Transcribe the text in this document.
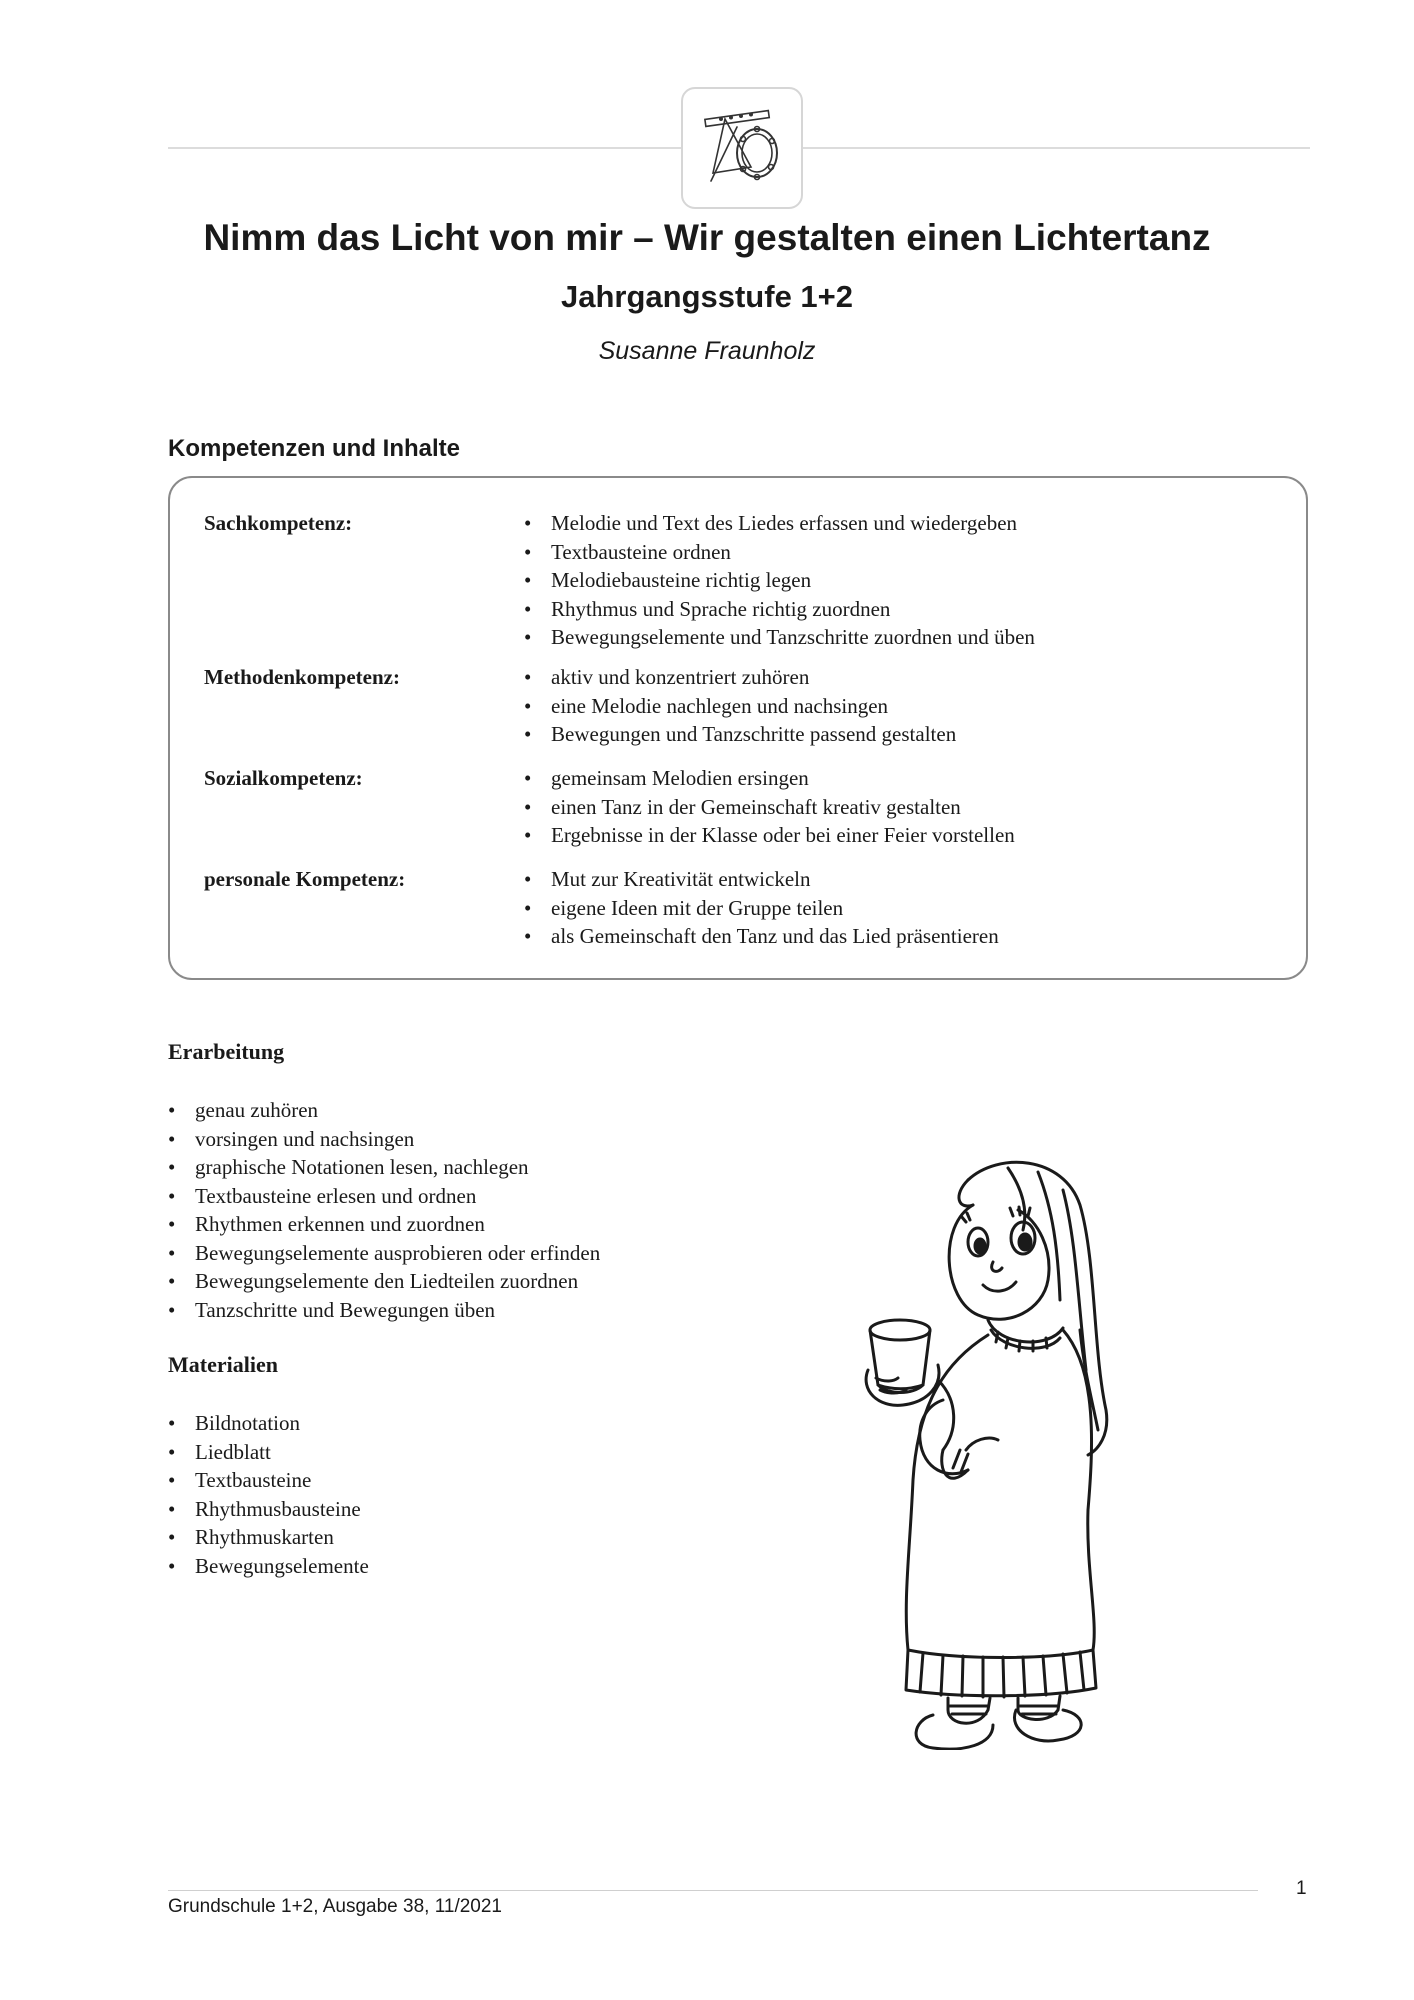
Nimm das Licht von mir – Wir gestalten einen Lichtertanz
Jahrgangsstufe 1+2
Susanne Fraunholz
Kompetenzen und Inhalte
Sachkompetenz:	• Melodie und Text des Liedes erfassen und wiedergeben
• Textbausteine ordnen
• Melodiebausteine richtig legen
• Rhythmus und Sprache richtig zuordnen
• Bewegungselemente und Tanzschritte zuordnen und üben
Methodenkompetenz:	• aktiv und konzentriert zuhören
• eine Melodie nachlegen und nachsingen
• Bewegungen und Tanzschritte passend gestalten
Sozialkompetenz:	• gemeinsam Melodien ersingen
• einen Tanz in der Gemeinschaft kreativ gestalten
• Ergebnisse in der Klasse oder bei einer Feier vorstellen
personale Kompetenz:	• Mut zur Kreativität entwickeln
• eigene Ideen mit der Gruppe teilen
• als Gemeinschaft den Tanz und das Lied präsentieren
Erarbeitung
• genau zuhören
• vorsingen und nachsingen
• graphische Notationen lesen, nachlegen
• Textbausteine erlesen und ordnen
• Rhythmen erkennen und zuordnen
• Bewegungselemente ausprobieren oder erfinden
• Bewegungselemente den Liedteilen zuordnen
• Tanzschritte und Bewegungen üben
Materialien
• Bildnotation
• Liedblatt
• Textbausteine
• Rhythmusbausteine
• Rhythmuskarten
• Bewegungselemente
Grundschule 1+2, Ausgabe 38, 11/2021
1
